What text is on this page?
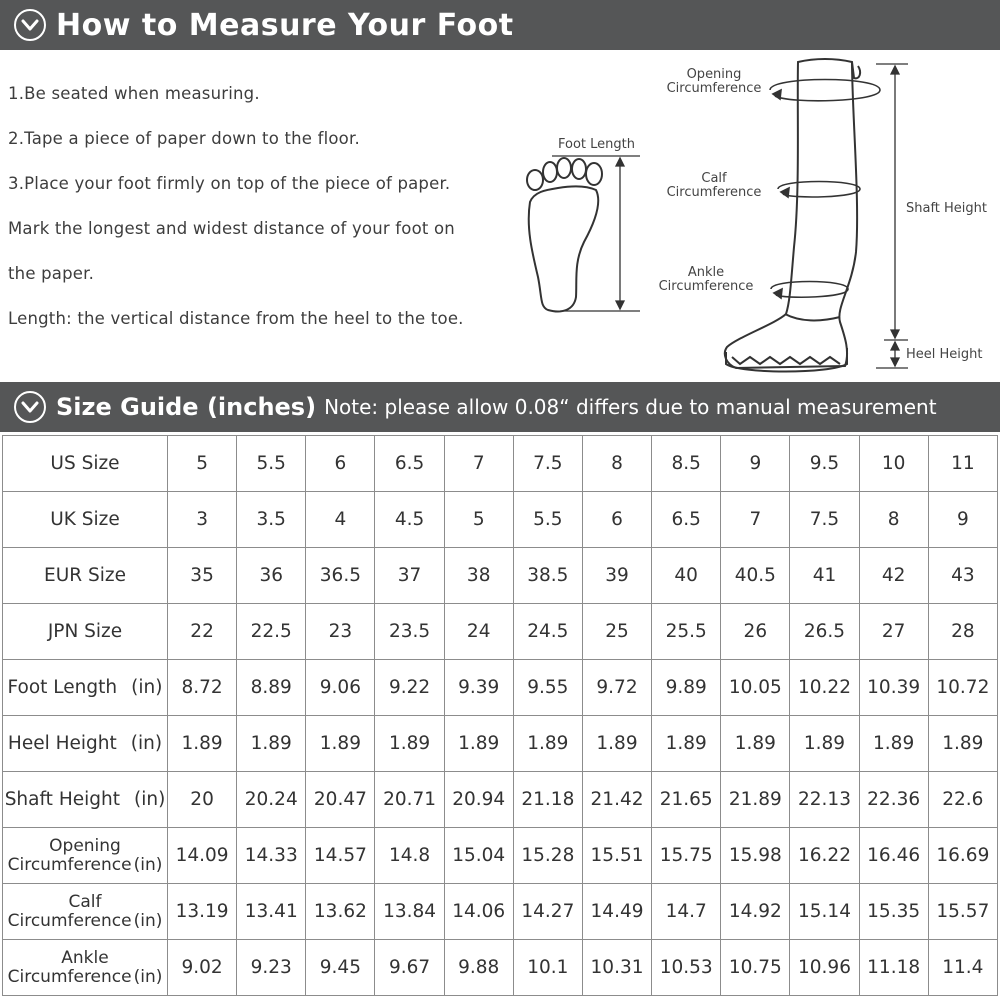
How to Measure Your Foot
1.Be seated when measuring.
2.Tape a piece of paper down to the floor.
3.Place your foot firmly on top of the piece of paper.
Mark the longest and widest distance of your foot on
the paper.
Length: the vertical distance from the heel to the toe.
Foot Length
Opening
Circumference
Calf
Circumference
Ankle
Circumference
Shaft Height
Heel Height
Size Guide (inches) Note: please allow 0.08“ differs due to manual measurement
US Size	5	5.5	6	6.5	7	7.5	8	8.5	9	9.5	10	11
UK Size	3	3.5	4	4.5	5	5.5	6	6.5	7	7.5	8	9
EUR Size	35	36	36.5	37	38	38.5	39	40	40.5	41	42	43
JPN Size	22	22.5	23	23.5	24	24.5	25	25.5	26	26.5	27	28
Foot Length (in)	8.72	8.89	9.06	9.22	9.39	9.55	9.72	9.89	10.05	10.22	10.39	10.72
Heel Height (in)	1.89	1.89	1.89	1.89	1.89	1.89	1.89	1.89	1.89	1.89	1.89	1.89
Shaft Height (in)	20	20.24	20.47	20.71	20.94	21.18	21.42	21.65	21.89	22.13	22.36	22.6
Opening
Circumference (in)	14.09	14.33	14.57	14.8	15.04	15.28	15.51	15.75	15.98	16.22	16.46	16.69
Calf
Circumference (in)	13.19	13.41	13.62	13.84	14.06	14.27	14.49	14.7	14.92	15.14	15.35	15.57
Ankle
Circumference (in)	9.02	9.23	9.45	9.67	9.88	10.1	10.31	10.53	10.75	10.96	11.18	11.4
